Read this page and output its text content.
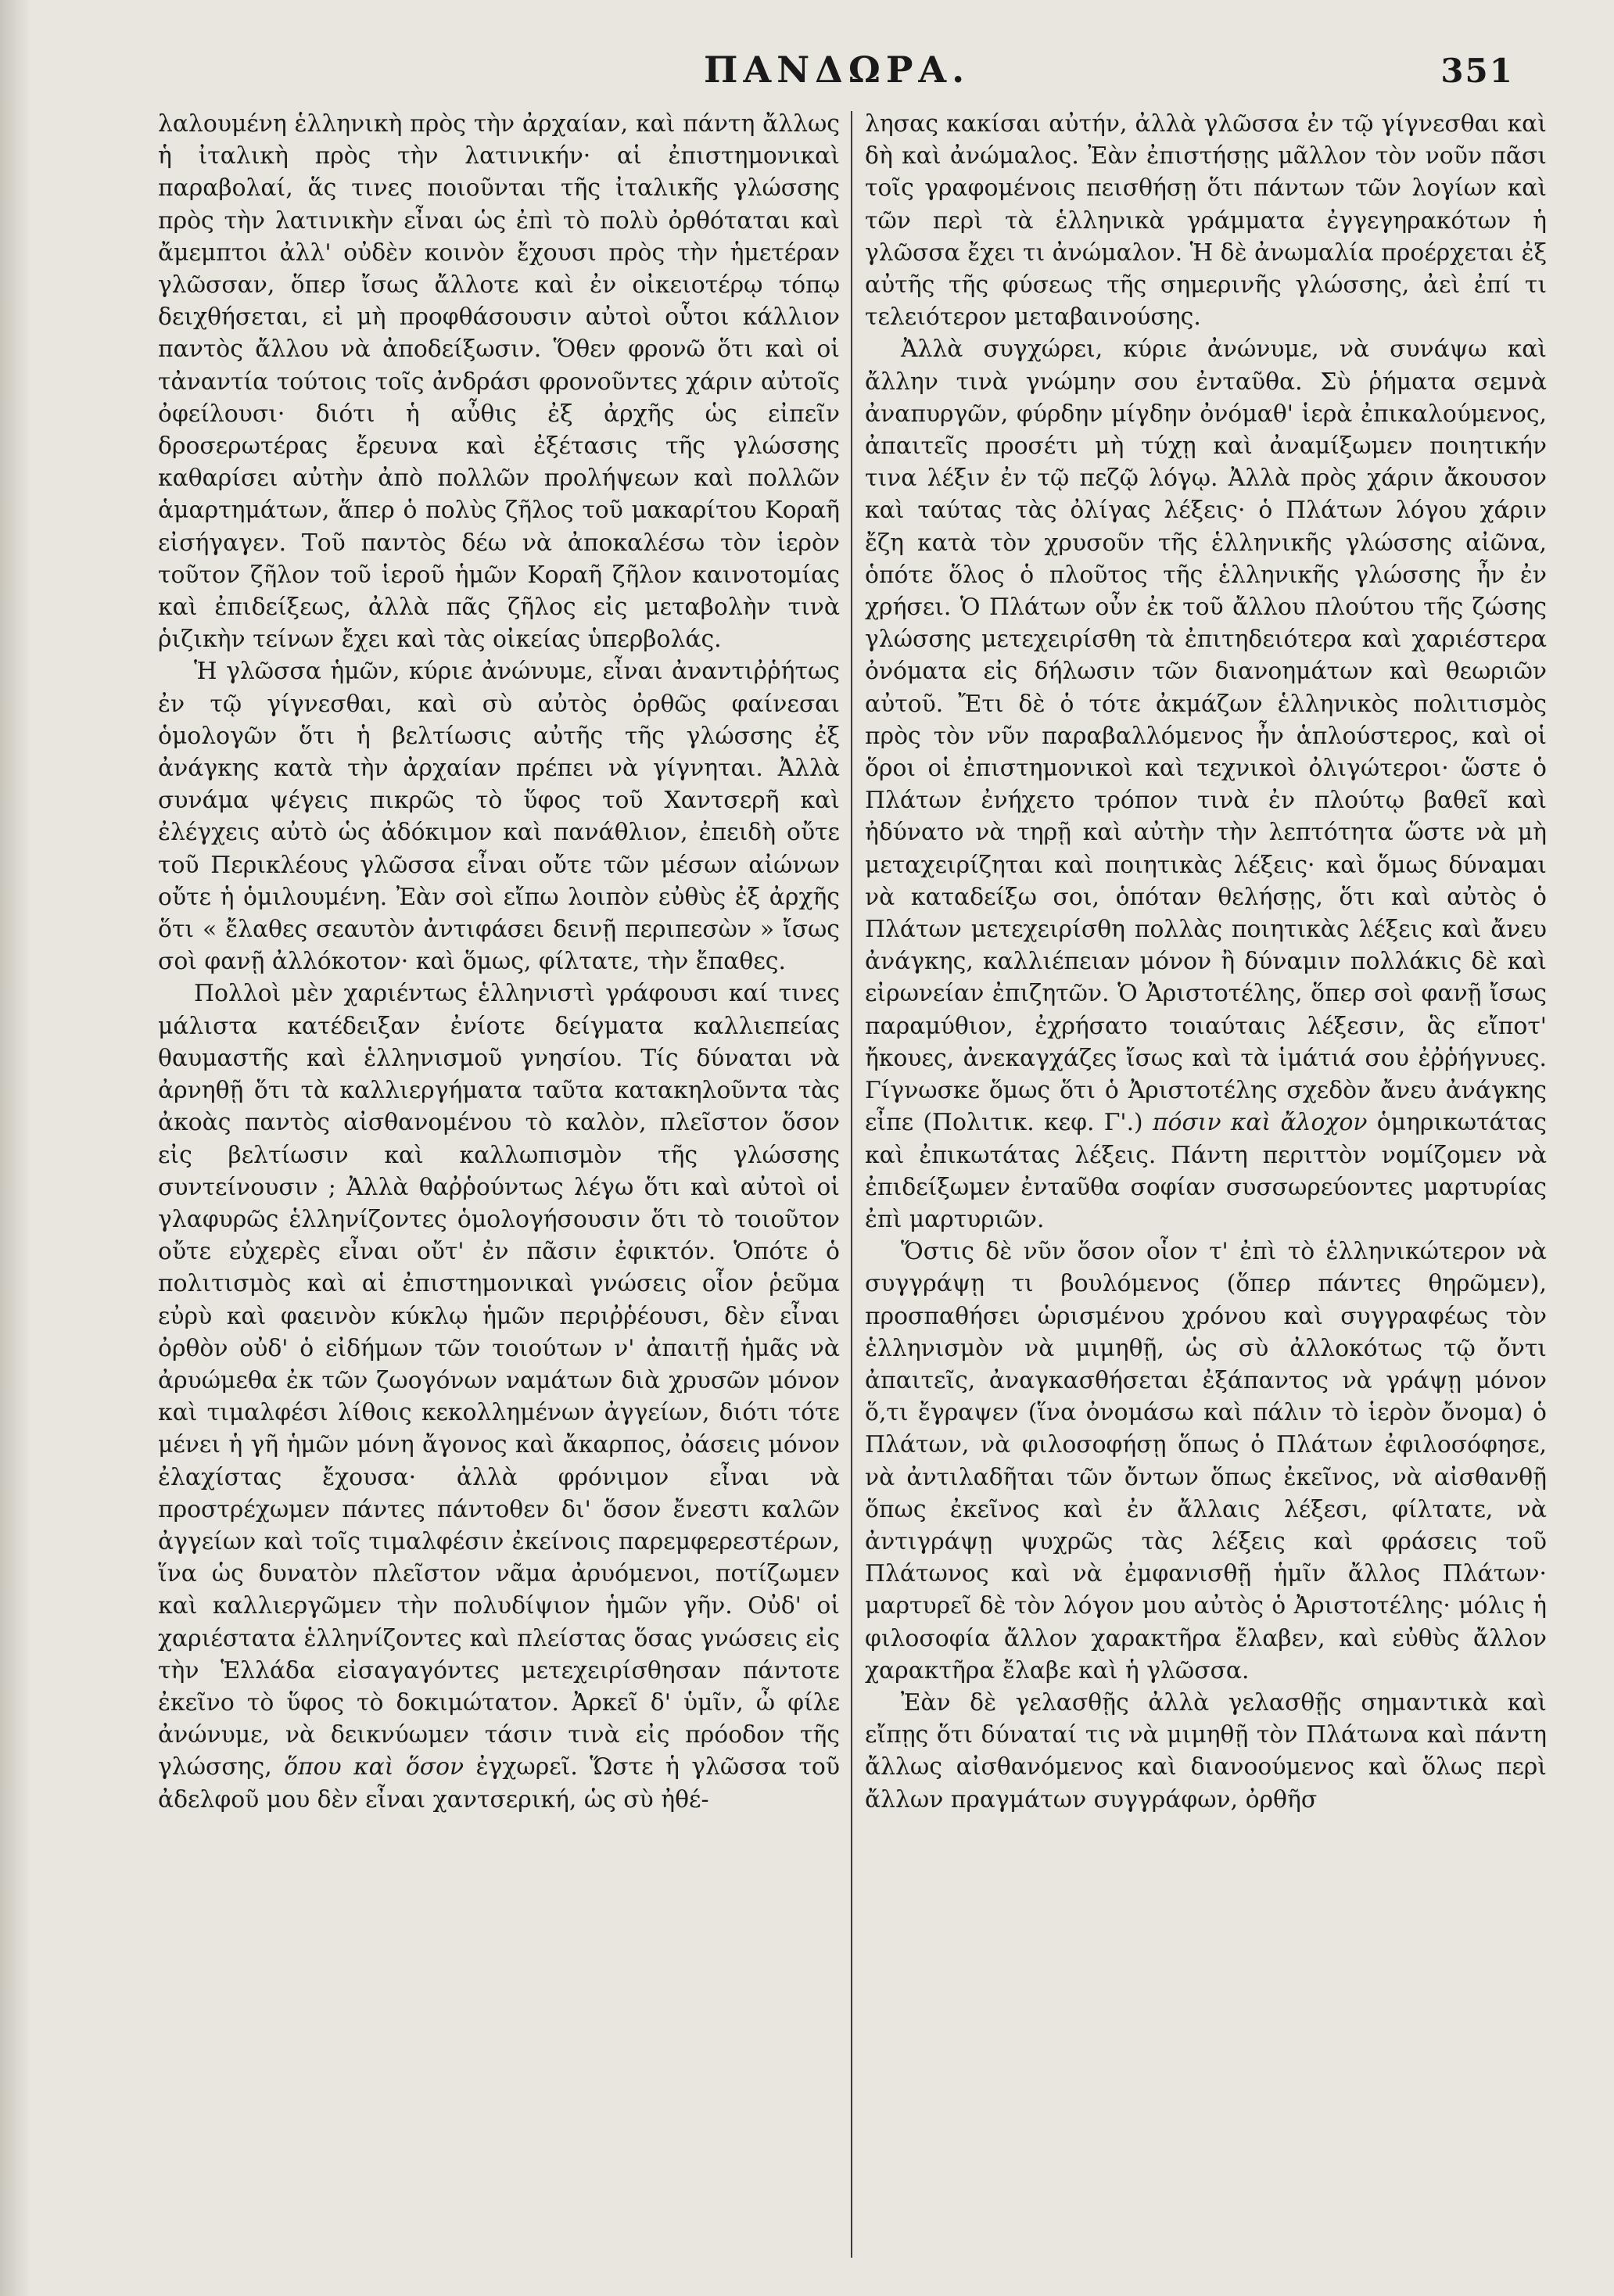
ΠΑΝΔΩΡΑ.	351

λαλουμένη ἑλληνικὴ πρὸς τὴν ἀρχαίαν, καὶ πάντη ἄλλως ἡ ἰταλικὴ πρὸς τὴν λατινικήν· αἱ ἐπιστημονικαὶ παραβολαί, ἅς τινες ποιοῦνται τῆς ἰταλικῆς γλώσσης πρὸς τὴν λατινικὴν εἶναι ὡς ἐπὶ τὸ πολὺ ὀρθόταται καὶ ἄμεμπτοι ἀλλ' οὐδὲν κοινὸν ἔχουσι πρὸς τὴν ἡμετέραν γλῶσσαν, ὅπερ ἴσως ἄλλοτε καὶ ἐν οἰκειοτέρῳ τόπῳ δειχθήσεται, εἰ μὴ προφθάσουσιν αὐτοὶ οὗτοι κάλλιον παντὸς ἄλλου νὰ ἀποδείξωσιν. Ὅθεν φρονῶ ὅτι καὶ οἱ τἀναντία τούτοις τοῖς ἀνδράσι φρονοῦντες χάριν αὐτοῖς ὀφείλουσι· διότι ἡ αὖθις ἐξ ἀρχῆς ὡς εἰπεῖν δροσερωτέρας ἔρευνα καὶ ἐξέτασις τῆς γλώσσης καθαρίσει αὐτὴν ἀπὸ πολλῶν προλήψεων καὶ πολλῶν ἁμαρτημάτων, ἅπερ ὁ πολὺς ζῆλος τοῦ μακαρίτου Κοραῆ εἰσήγαγεν. Τοῦ παντὸς δέω νὰ ἀποκαλέσω τὸν ἱερὸν τοῦτον ζῆλον τοῦ ἱεροῦ ἡμῶν Κοραῆ ζῆλον καινοτομίας καὶ ἐπιδείξεως, ἀλλὰ πᾶς ζῆλος εἰς μεταβολὴν τινὰ ῥιζικὴν τείνων ἔχει καὶ τὰς οἰκείας ὑπερβολάς.

Ἡ γλῶσσα ἡμῶν, κύριε ἀνώνυμε, εἶναι ἀναντιῤῥήτως ἐν τῷ γίγνεσθαι, καὶ σὺ αὐτὸς ὀρθῶς φαίνεσαι ὁμολογῶν ὅτι ἡ βελτίωσις αὐτῆς τῆς γλώσσης ἐξ ἀνάγκης κατὰ τὴν ἀρχαίαν πρέπει νὰ γίγνηται. Ἀλλὰ συνάμα ψέγεις πικρῶς τὸ ὕφος τοῦ Χαντσερῆ καὶ ἐλέγχεις αὐτὸ ὡς ἀδόκιμον καὶ πανάθλιον, ἐπειδὴ οὔτε τοῦ Περικλέους γλῶσσα εἶναι οὔτε τῶν μέσων αἰώνων οὔτε ἡ ὁμιλουμένη. Ἐὰν σοὶ εἴπω λοιπὸν εὐθὺς ἐξ ἀρχῆς ὅτι « ἔλαθες σεαυτὸν ἀντιφάσει δεινῇ περιπεσὼν » ἴσως σοὶ φανῇ ἀλλόκοτον· καὶ ὅμως, φίλτατε, τὴν ἔπαθες.

Πολλοὶ μὲν χαριέντως ἑλληνιστὶ γράφουσι καί τινες μάλιστα κατέδειξαν ἐνίοτε δείγματα καλλιεπείας θαυμαστῆς καὶ ἑλληνισμοῦ γνησίου. Τίς δύναται νὰ ἀρνηθῇ ὅτι τὰ καλλιεργήματα ταῦτα κατακηλοῦντα τὰς ἀκοὰς παντὸς αἰσθανομένου τὸ καλὸν, πλεῖστον ὅσον εἰς βελτίωσιν καὶ καλλωπισμὸν τῆς γλώσσης συντείνουσιν ; Ἀλλὰ θαῤῥούντως λέγω ὅτι καὶ αὐτοὶ οἱ γλαφυρῶς ἑλληνίζοντες ὁμολογήσουσιν ὅτι τὸ τοιοῦτον οὔτε εὐχερὲς εἶναι οὔτ' ἐν πᾶσιν ἐφικτόν. Ὁπότε ὁ πολιτισμὸς καὶ αἱ ἐπιστημονικαὶ γνώσεις οἷον ῥεῦμα εὐρὺ καὶ φαεινὸν κύκλῳ ἡμῶν περιῤῥέουσι, δὲν εἶναι ὀρθὸν οὐδ' ὁ εἰδήμων τῶν τοιούτων ν' ἀπαιτῇ ἡμᾶς νὰ ἀρυώμεθα ἐκ τῶν ζωογόνων ναμάτων διὰ χρυσῶν μόνον καὶ τιμαλφέσι λίθοις κεκολλημένων ἀγγείων, διότι τότε μένει ἡ γῆ ἡμῶν μόνη ἄγονος καὶ ἄκαρπος, ὀάσεις μόνον ἐλαχίστας ἔχουσα· ἀλλὰ φρόνιμον εἶναι νὰ προστρέχωμεν πάντες πάντοθεν δι' ὅσον ἔνεστι καλῶν ἀγγείων καὶ τοῖς τιμαλφέσιν ἐκείνοις παρεμφερεστέρων, ἵνα ὡς δυνατὸν πλεῖστον νᾶμα ἀρυόμενοι, ποτίζωμεν καὶ καλλιεργῶμεν τὴν πολυδίψιον ἡμῶν γῆν. Οὐδ' οἱ χαριέστατα ἑλληνίζοντες καὶ πλείστας ὅσας γνώσεις εἰς τὴν Ἑλλάδα εἰσαγαγόντες μετεχειρίσθησαν πάντοτε ἐκεῖνο τὸ ὕφος τὸ δοκιμώτατον. Ἀρκεῖ δ' ὑμῖν, ὦ φίλε ἀνώνυμε, νὰ δεικνύωμεν τάσιν τινὰ εἰς πρόοδον τῆς γλώσσης, ὅπου καὶ ὅσον ἐγχωρεῖ. Ὥστε ἡ γλῶσσα τοῦ ἀδελφοῦ μου δὲν εἶναι χαντσερική, ὡς σὺ ἠθέ-

λησας κακίσαι αὐτήν, ἀλλὰ γλῶσσα ἐν τῷ γίγνεσθαι καὶ δὴ καὶ ἀνώμαλος. Ἐὰν ἐπιστήσῃς μᾶλλον τὸν νοῦν πᾶσι τοῖς γραφομένοις πεισθήσῃ ὅτι πάντων τῶν λογίων καὶ τῶν περὶ τὰ ἑλληνικὰ γράμματα ἐγγεγηρακότων ἡ γλῶσσα ἔχει τι ἀνώμαλον. Ἡ δὲ ἀνωμαλία προέρχεται ἐξ αὐτῆς τῆς φύσεως τῆς σημερινῆς γλώσσης, ἀεὶ ἐπί τι τελειότερον μεταβαινούσης.

Ἀλλὰ συγχώρει, κύριε ἀνώνυμε, νὰ συνάψω καὶ ἄλλην τινὰ γνώμην σου ἐνταῦθα. Σὺ ῥήματα σεμνὰ ἀναπυργῶν, φύρδην μίγδην ὀνόμαθ' ἱερὰ ἐπικαλούμενος, ἀπαιτεῖς προσέτι μὴ τύχῃ καὶ ἀναμίξωμεν ποιητικήν τινα λέξιν ἐν τῷ πεζῷ λόγῳ. Ἀλλὰ πρὸς χάριν ἄκουσον καὶ ταύτας τὰς ὀλίγας λέξεις· ὁ Πλάτων λόγου χάριν ἔζη κατὰ τὸν χρυσοῦν τῆς ἑλληνικῆς γλώσσης αἰῶνα, ὁπότε ὅλος ὁ πλοῦτος τῆς ἑλληνικῆς γλώσσης ἦν ἐν χρήσει. Ὁ Πλάτων οὖν ἐκ τοῦ ἄλλου πλούτου τῆς ζώσης γλώσσης μετεχειρίσθη τὰ ἐπιτηδειότερα καὶ χαριέστερα ὀνόματα εἰς δήλωσιν τῶν διανοημάτων καὶ θεωριῶν αὐτοῦ. Ἔτι δὲ ὁ τότε ἀκμάζων ἑλληνικὸς πολιτισμὸς πρὸς τὸν νῦν παραβαλλόμενος ἦν ἁπλούστερος, καὶ οἱ ὅροι οἱ ἐπιστημονικοὶ καὶ τεχνικοὶ ὀλιγώτεροι· ὥστε ὁ Πλάτων ἐνήχετο τρόπον τινὰ ἐν πλούτῳ βαθεῖ καὶ ἠδύνατο νὰ τηρῇ καὶ αὐτὴν τὴν λεπτότητα ὥστε νὰ μὴ μεταχειρίζηται καὶ ποιητικὰς λέξεις· καὶ ὅμως δύναμαι νὰ καταδείξω σοι, ὁπόταν θελήσῃς, ὅτι καὶ αὐτὸς ὁ Πλάτων μετεχειρίσθη πολλὰς ποιητικὰς λέξεις καὶ ἄνευ ἀνάγκης, καλλιέπειαν μόνον ἢ δύναμιν πολλάκις δὲ καὶ εἰρωνείαν ἐπιζητῶν. Ὁ Ἀριστοτέλης, ὅπερ σοὶ φανῇ ἴσως παραμύθιον, ἐχρήσατο τοιαύταις λέξεσιν, ἃς εἴποτ' ἤκουες, ἀνεκαγχάζες ἴσως καὶ τὰ ἱμάτιά σου ἐῤῥήγνυες. Γίγνωσκε ὅμως ὅτι ὁ Ἀριστοτέλης σχεδὸν ἄνευ ἀνάγκης εἶπε (Πολιτικ. κεφ. Γ'.) πόσιν καὶ ἄλοχον ὁμηρικωτάτας καὶ ἐπικωτάτας λέξεις. Πάντη περιττὸν νομίζομεν νὰ ἐπιδείξωμεν ἐνταῦθα σοφίαν συσσωρεύοντες μαρτυρίας ἐπὶ μαρτυριῶν.

Ὅστις δὲ νῦν ὅσον οἷον τ' ἐπὶ τὸ ἑλληνικώτερον νὰ συγγράψῃ τι βουλόμενος (ὅπερ πάντες θηρῶμεν), προσπαθήσει ὡρισμένου χρόνου καὶ συγγραφέως τὸν ἑλληνισμὸν νὰ μιμηθῇ, ὡς σὺ ἀλλοκότως τῷ ὄντι ἀπαιτεῖς, ἀναγκασθήσεται ἐξάπαντος νὰ γράψῃ μόνον ὅ,τι ἔγραψεν (ἵνα ὀνομάσω καὶ πάλιν τὸ ἱερὸν ὄνομα) ὁ Πλάτων, νὰ φιλοσοφήσῃ ὅπως ὁ Πλάτων ἐφιλοσόφησε, νὰ ἀντιλαδῆται τῶν ὄντων ὅπως ἐκεῖνος, νὰ αἰσθανθῇ ὅπως ἐκεῖνος καὶ ἐν ἄλλαις λέξεσι, φίλτατε, νὰ ἀντιγράψῃ ψυχρῶς τὰς λέξεις καὶ φράσεις τοῦ Πλάτωνος καὶ νὰ ἐμφανισθῇ ἡμῖν ἄλλος Πλάτων· μαρτυρεῖ δὲ τὸν λόγον μου αὐτὸς ὁ Ἀριστοτέλης· μόλις ἡ φιλοσοφία ἄλλον χαρακτῆρα ἔλαβεν, καὶ εὐθὺς ἄλλον χαρακτῆρα ἔλαβε καὶ ἡ γλῶσσα.

Ἐὰν δὲ γελασθῇς ἀλλὰ γελασθῇς σημαντικὰ καὶ εἴπῃς ὅτι δύναταί τις νὰ μιμηθῇ τὸν Πλάτωνα καὶ πάντη ἄλλως αἰσθανόμενος καὶ διανοούμενος καὶ ὅλως περὶ ἄλλων πραγμάτων συγγράφων, ὀρθῆσ
